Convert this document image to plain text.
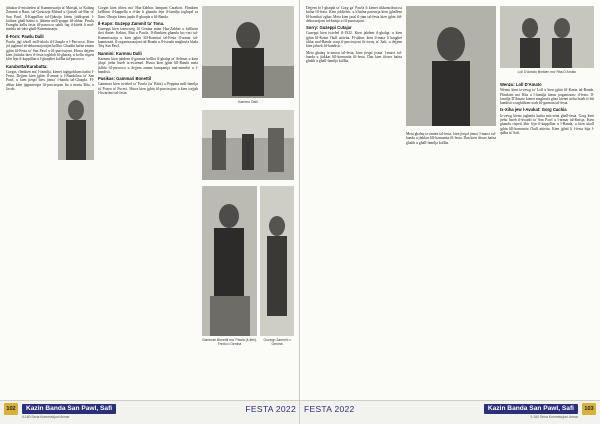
jithakar il-mistieden ta' Kummissarju ta' Marsjal, ta' Kalang Zammit u Barri, tal-Gustizzja Mifsud u Qasselt tal-Mar ta' San Pawl. Il-Kappillan tal-Qdusija kienu jiddisponi l-kultura ghall-hafna u jihtiem mill-gruppi fil-ahhar. Pawlu Franghu kellu festa fil-parrocca sabih fuq il-ktiebi li mal-medda tal-idea ghall-Kummissarju.

Il-Forn: Pawlu Dalli

Pawlu jigi wkoll mill-iskola il-Ghaqda u l-Parrocca. Kien jaf jaghmel id-dekorazzjonijiet kollha. Ghadda hafna zmien jghin fil-Festa ta' San Pawl u fil-purcissjoni. Huwa dejjem kien jistinka biex il-festa toghlob bl-gharaq, u kellu rispett kbir lejn il-kappillan u l-ghaqdiet kollha tal-parrocca.

Karabotta/Karabutta:

Gorgin, flimkien ma' l-familja, kienet toghgobhom hafna l-Festa. Dejjem kien jghin fl-armar u l-Bandalora ta' San Pawl, u kien jieqaf biex jisma' l-banda tal-Ghaqda. Fl-ahhar kien jippartecipa fil-purcissjoni hu u martu Rita, u Jacob.

Gorgin kien iibiex ma' Haz-Zabbar, lampuni Carabott. Flimkien kellhom il-kappella u d-dar li ghamlu fejn il-familja toghqod sa llum. Ohrajn kienu jaqdu fl-ghaqda u fil-Banda.

Il-Kapo: Guzepp Zammit ta' Tona.

Guzeppi kien izzewweg lil Genina minn Haz-Zabbar u kellhom tlett ibniet: Kelinu, Rita u Pawla. Il-flimkien ghamlu bic-cert tal-Kummissarju u kien jghin lill-Komitat tal-Festa fl-armar tal-kannizzati, fl-organizzazzjoni tal-Banda u fl-istrada maghrufa bhala Triq San Pawl.

Nannini: Karmnu Dalli

Karmnu kien jahdem il-gurnata kollha fl-ghalqa ta' Selmun u kien jibqa' jiehu hsieb iz-zwiemel. Huwa kien jghin lill-Banda meta jidhlu fil-parrocca u dejjem zamm kumpanija mal-membri u l-bandisti.

Pasikas: Gammari Bonettil

Gammari kien twieled ta' Pawla (ta' Bitta) u Peppina mill-familja ta' Pozzu ta' Fuceci. Huwa kien jghin fil-purcissjoni u kien isejjah l-kwartieri tal-festa.

Karmnu Dalli
Gammari Bonettil ma' Pawla (it-tifel), Fredu u Genina
Guzepp Zammit u Genina
102	Kazin Banda San Pawl, Safi
Il-160 Sena Kummissjoni Armar
FESTA 2022

Dejjem hi l-ghaqda ta' Gorg ga' Pawla li kienet tikkontribwixxi hafna fil-festa. Kien jiddieher, u b'hafna pacenzja kien jghallem lil-bandisti zghar. Meta kien jasal il-jum tal-festa kien jghin fid-dekorazzjoni tal-knisja u fil-purcissjoni.

Sorry: Guzeppi Cutajar

Guzeppi kien twieled fl-1922. Kien jahdem il-ghalqa, u kien jghin lil-Kazin f'kull attivita. Fl-ahhar, kien il-mara li baqghet iddur mal-Banda waqt il-purcissjoni fit-toroq ta' Safi, u dejjem kien jahseb fil-bandisti.

Meta ghalaq iz-zmien tal-festa, kien jieqaf jisma' l-marci tal-banda u jfakkar lill-komunita fil-festa. Dan kien ifisser hafna ghalih u ghall-familja kollha.

Meta ghalaq iz-zmien tal-festa, kien jieqaf jisma' l-marci tal-banda u jfakkar lill-komunita fil-festa. Dan kien ifisser hafna ghalih u ghall-familja kollha.

Loll D'Amato flimkien ma' Rita D'Amato
Wenzu: Loll D'Amato

Wenzu kien iz-zewg ta' Loll u kien jghin fil-Kazin tal-Banda. Flimkien ma' Rita u l-familja kienu jorganizzaw il-festa. Il-familja D'Amato kienet maghrufa ghax kienet tiehu hsieb il-ftit bandisti u taghtihom xorb fil-gurnata tal-festa.

Ix-Xiha jew l-Avukat: Gorg Cachia

Iz-zewg kienu jaghmlu hafna mis-sena ghall-festa. Gorg kien jiehu hsieb il-kwadri ta' San Pawl u l-armar tal-Knisja. Kien ghandu rispett kbir lejn il-kappillan u l-Banda, u kien ukoll jghin lill-komunita f'kull attivita. Kien jghid li l-festa hija l-qalba ta' Safi.

FESTA 2022	Kazin Banda San Pawl, Safi
Il-160 Sena Kummissjoni Armar
103
